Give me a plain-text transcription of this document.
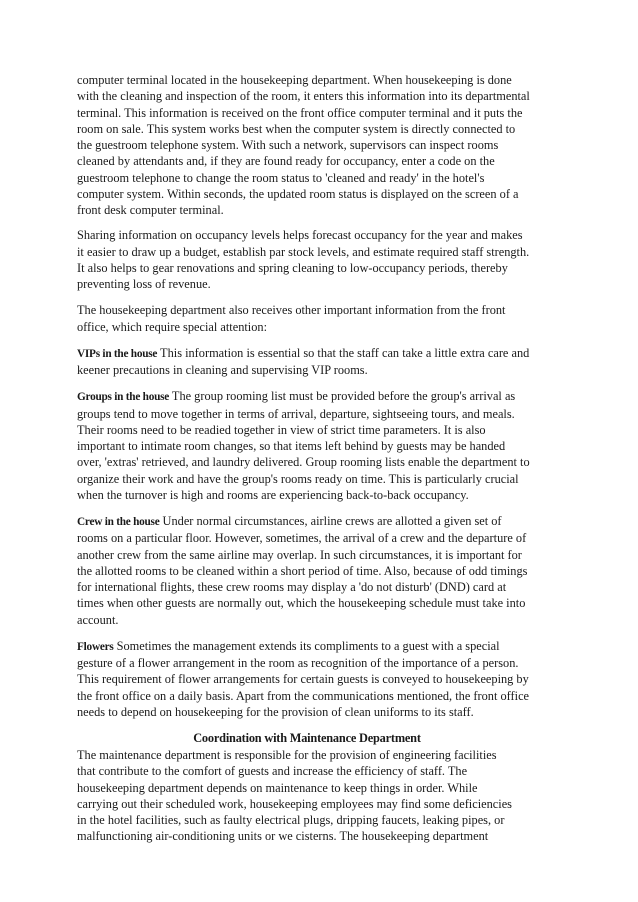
computer terminal located in the housekeeping department. When housekeeping is done
with the cleaning and inspection of the room, it enters this information into its departmental
terminal. This information is received on the front office computer terminal and it puts the
room on sale. This system works best when the computer system is directly connected to
the guestroom telephone system. With such a network, supervisors can inspect rooms
cleaned by attendants and, if they are found ready for occupancy, enter a code on the
guestroom telephone to change the room status to 'cleaned and ready' in the hotel's
computer system. Within seconds, the updated room status is displayed on the screen of a
front desk computer terminal.
Sharing information on occupancy levels helps forecast occupancy for the year and makes
it easier to draw up a budget, establish par stock levels, and estimate required staff strength.
It also helps to gear renovations and spring cleaning to low-occupancy periods, thereby
preventing loss of revenue.
The housekeeping department also receives other important information from the front
office, which require special attention:
VIPs in the house This information is essential so that the staff can take a little extra care and
keener precautions in cleaning and supervising VIP rooms.
Groups in the house The group rooming list must be provided before the group's arrival as
groups tend to move together in terms of arrival, departure, sightseeing tours, and meals.
Their rooms need to be readied together in view of strict time parameters. It is also
important to intimate room changes, so that items left behind by guests may be handed
over, 'extras' retrieved, and laundry delivered. Group rooming lists enable the department to
organize their work and have the group's rooms ready on time. This is particularly crucial
when the turnover is high and rooms are experiencing back-to-back occupancy.
Crew in the house Under normal circumstances, airline crews are allotted a given set of
rooms on a particular floor. However, sometimes, the arrival of a crew and the departure of
another crew from the same airline may overlap. In such circumstances, it is important for
the allotted rooms to be cleaned within a short period of time. Also, because of odd timings
for international flights, these crew rooms may display a 'do not disturb' (DND) card at
times when other guests are normally out, which the housekeeping schedule must take into
account.
Flowers Sometimes the management extends its compliments to a guest with a special
gesture of a flower arrangement in the room as recognition of the importance of a person.
This requirement of flower arrangements for certain guests is conveyed to housekeeping by
the front office on a daily basis. Apart from the communications mentioned, the front office
needs to depend on housekeeping for the provision of clean uniforms to its staff.
Coordination with Maintenance Department
The maintenance department is responsible for the provision of engineering facilities
that contribute to the comfort of guests and increase the efficiency of staff. The
housekeeping department depends on maintenance to keep things in order. While
carrying out their scheduled work, housekeeping employees may find some deficiencies
in the hotel facilities, such as faulty electrical plugs, dripping faucets, leaking pipes, or
malfunctioning air-conditioning units or we cisterns. The housekeeping department
